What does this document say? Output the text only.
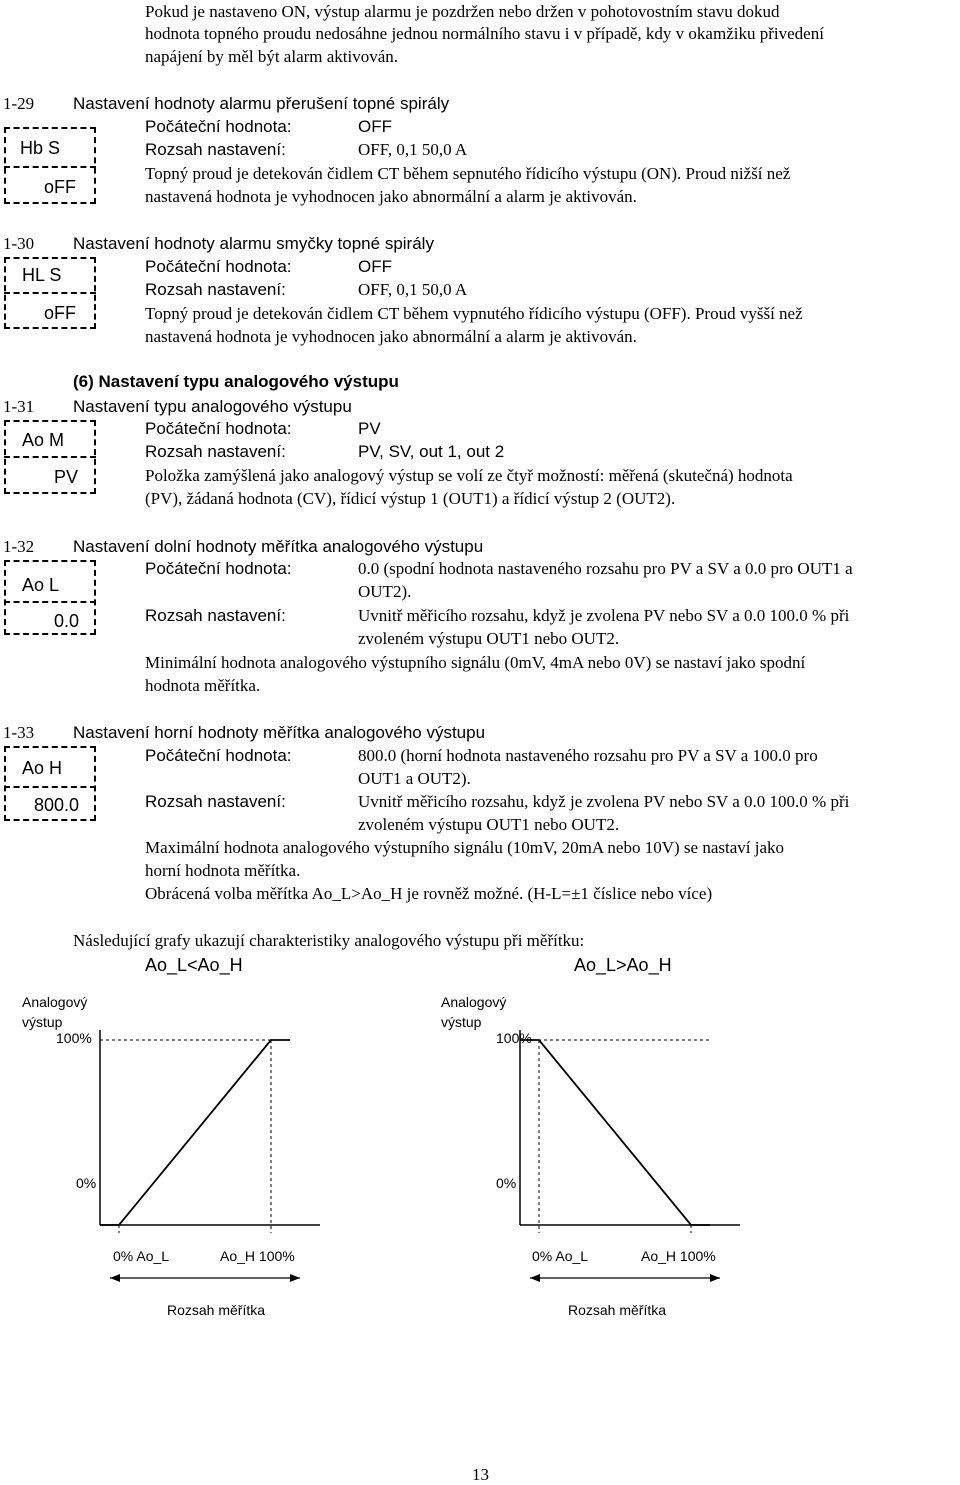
Pokud je nastaveno ON, výstup alarmu je pozdržen nebo držen v pohotovostním stavu dokud
hodnota topného proudu nedosáhne jednou normálního stavu i v případě, kdy v okamžiku přivedení
napájení by měl být alarm aktivován.
1-29 Nastavení hodnoty alarmu přerušení topné spirály
Hb S
oFF
Počáteční hodnota:	OFF
Rozsah nastavení:	OFF, 0,1 50,0 A
Topný proud je detekován čidlem CT během sepnutého řídicího výstupu (ON). Proud nižší než
nastavená hodnota je vyhodnocen jako abnormální a alarm je aktivován.
1-30 Nastavení hodnoty alarmu smyčky topné spirály
HL S
oFF
Počáteční hodnota:	OFF
Rozsah nastavení:	OFF, 0,1 50,0 A
Topný proud je detekován čidlem CT během vypnutého řídicího výstupu (OFF). Proud vyšší než
nastavená hodnota je vyhodnocen jako abnormální a alarm je aktivován.
(6) Nastavení typu analogového výstupu
1-31 Nastavení typu analogového výstupu
Ao M
PV
Počáteční hodnota:	PV
Rozsah nastavení:	PV, SV, out 1, out 2
Položka zamýšlená jako analogový výstup se volí ze čtyř možností: měřená (skutečná) hodnota
(PV), žádaná hodnota (CV), řídicí výstup 1 (OUT1) a řídicí výstup 2 (OUT2).
1-32 Nastavení dolní hodnoty měřítka analogového výstupu
Ao L
0.0
Počáteční hodnota:	0.0 (spodní hodnota nastaveného rozsahu pro PV a SV a 0.0 pro OUT1 a
OUT2).
Rozsah nastavení:	Uvnitř měřicího rozsahu, když je zvolena PV nebo SV a 0.0 100.0 % při
zvoleném výstupu OUT1 nebo OUT2.
Minimální hodnota analogového výstupního signálu (0mV, 4mA nebo 0V) se nastaví jako spodní
hodnota měřítka.
1-33 Nastavení horní hodnoty měřítka analogového výstupu
Ao H
800.0
Počáteční hodnota:	800.0 (horní hodnota nastaveného rozsahu pro PV a SV a 100.0 pro
OUT1 a OUT2).
Rozsah nastavení:	Uvnitř měřicího rozsahu, když je zvolena PV nebo SV a 0.0 100.0 % při
zvoleném výstupu OUT1 nebo OUT2.
Maximální hodnota analogového výstupního signálu (10mV, 20mA nebo 10V) se nastaví jako
horní hodnota měřítka.
Obrácená volba měřítka Ao_L>Ao_H je rovněž možné. (H-L=±1 číslice nebo více)
Následující grafy ukazují charakteristiky analogového výstupu při měřítku:
Ao_L<Ao_H
Analogový výstup
100%
0%
0% Ao_L	Ao_H 100%
Rozsah měřítka
Ao_L>Ao_H
Analogový výstup
100%
0%
0% Ao_L	Ao_H 100%
Rozsah měřítka
13
